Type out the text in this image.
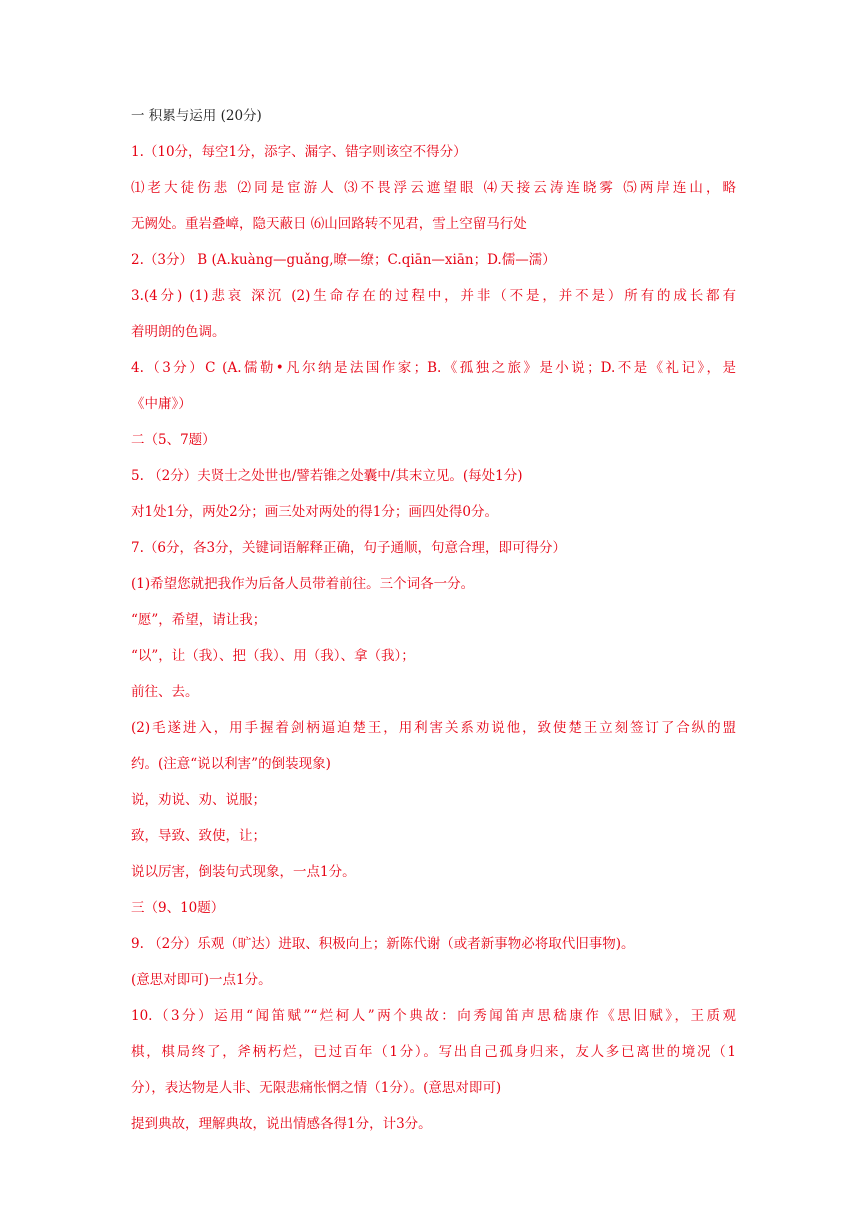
一 积累与运用 (20分)
1.（10分，每空1分，添字、漏字、错字则该空不得分）
⑴老大徒伤悲 ⑵同是宦游人 ⑶不畏浮云遮望眼 ⑷天接云涛连晓雾 ⑸两岸连山，略
无阙处。重岩叠嶂，隐天蔽日 ⑹山回路转不见君，雪上空留马行处
2.（3分） B (A.kuàng—guǎng,暸—缭；C.qiān—xiān；D.儒—濡）
3.(4分) (1)悲哀 深沉 (2)生命存在的过程中，并非（不是，并不是）所有的成长都有
着明朗的色调。
4.（3分）C (A.儒勒•凡尔纳是法国作家；B.《孤独之旅》是小说；D.不是《礼记》，是
《中庸》）
二（5、7题）
5. （2分）夫贤士之处世也/譬若锥之处囊中/其末立见。(每处1分)
对1处1分，两处2分；画三处对两处的得1分；画四处得0分。
7.（6分，各3分，关键词语解释正确，句子通顺，句意合理，即可得分）
(1)希望您就把我作为后备人员带着前往。三个词各一分。
“愿”，希望，请让我；
“以”，让（我）、把（我）、用（我）、拿（我）；
前往、去。
(2)毛遂进入，用手握着剑柄逼迫楚王，用利害关系劝说他，致使楚王立刻签订了合纵的盟
约。(注意“说以利害”的倒装现象)
说，劝说、劝、说服；
致，导致、致使，让；
说以厉害，倒装句式现象，一点1分。
三（9、10题）
9. （2分）乐观（旷达）进取、积极向上；新陈代谢（或者新事物必将取代旧事物)。
(意思对即可)一点1分。
10.（3分）运用“闻笛赋”“烂柯人”两个典故：向秀闻笛声思嵇康作《思旧赋》，王质观
棋，棋局终了，斧柄朽烂，已过百年（1分）。写出自己孤身归来，友人多已离世的境况（1
分），表达物是人非、无限悲痛怅惘之情（1分）。(意思对即可)
提到典故，理解典故，说出情感各得1分，计3分。
